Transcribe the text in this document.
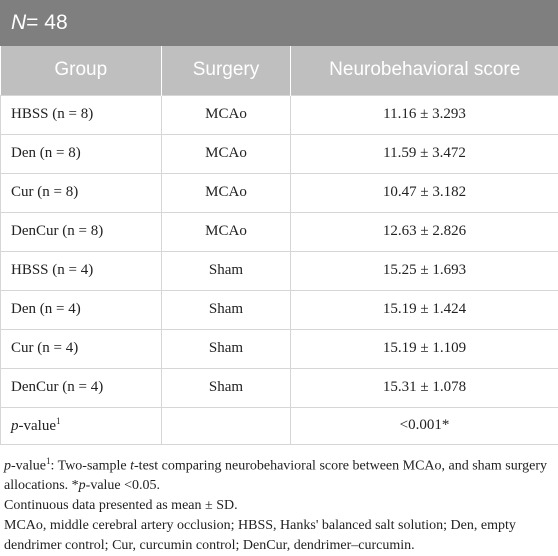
N = 48
Group	Surgery	Neurobehavioral score
HBSS (n = 8)	MCAo	11.16 ± 3.293
Den (n = 8)	MCAo	11.59 ± 3.472
Cur (n = 8)	MCAo	10.47 ± 3.182
DenCur (n = 8)	MCAo	12.63 ± 2.826
HBSS (n = 4)	Sham	15.25 ± 1.693
Den (n = 4)	Sham	15.19 ± 1.424
Cur (n = 4)	Sham	15.19 ± 1.109
DenCur (n = 4)	Sham	15.31 ± 1.078
p-value$^1$		<0.001*

p-value$^1$: Two-sample t-test comparing neurobehavioral score between MCAo, and sham surgery allocations. *p-value <0.05.

Continuous data presented as mean ± SD.

MCAo, middle cerebral artery occlusion; HBSS, Hanks' balanced salt solution; Den, empty dendrimer control; Cur, curcumin control; DenCur, dendrimer–curcumin.
